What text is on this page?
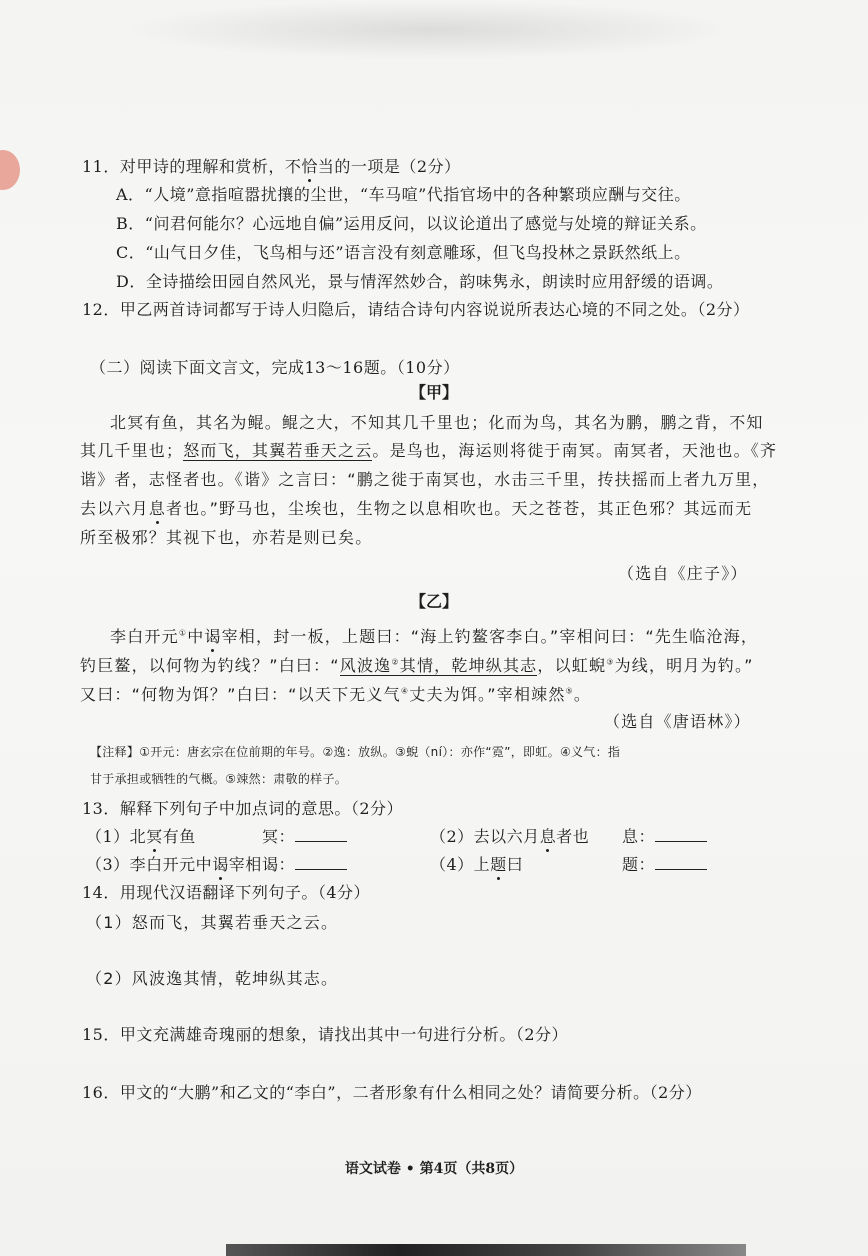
11．对甲诗的理解和赏析，不恰当的一项是（2分）
A．“人境”意指喧嚣扰攘的尘世，“车马喧”代指官场中的各种繁琐应酬与交往。
B．“问君何能尔？心远地自偏”运用反问，以议论道出了感觉与处境的辩证关系。
C．“山气日夕佳，飞鸟相与还”语言没有刻意雕琢，但飞鸟投林之景跃然纸上。
D．全诗描绘田园自然风光，景与情浑然妙合，韵味隽永，朗读时应用舒缓的语调。
12．甲乙两首诗词都写于诗人归隐后，请结合诗句内容说说所表达心境的不同之处。（2分）
（二）阅读下面文言文，完成13～16题。（10分）
【甲】
北冥有鱼，其名为鲲。鲲之大，不知其几千里也；化而为鸟，其名为鹏，鹏之背，不知
其几千里也；怒而飞，其翼若垂天之云。是鸟也，海运则将徙于南冥。南冥者，天池也。《齐
谐》者，志怪者也。《谐》之言曰：“鹏之徙于南冥也，水击三千里，抟扶摇而上者九万里，
去以六月息者也。”野马也，尘埃也，生物之以息相吹也。天之苍苍，其正色邪？其远而无
所至极邪？其视下也，亦若是则已矣。
（选自《庄子》）
【乙】
李白开元①中谒宰相，封一板，上题曰：“海上钓鳌客李白。”宰相问曰：“先生临沧海，
钓巨鳌，以何物为钓线？”白曰：“风波逸②其情，乾坤纵其志，以虹蜺③为线，明月为钓。”
又曰：“何物为饵？”白曰：“以天下无义气④丈夫为饵。”宰相竦然⑤。
（选自《唐语林》）
【注释】①开元：唐玄宗在位前期的年号。②逸：放纵。③蜺（ní）：亦作“霓”，即虹。④义气：指
甘于承担或牺牲的气概。⑤竦然：肃敬的样子。
13．解释下列句子中加点词的意思。（2分）
（1）北冥有鱼	冥：	（2）去以六月息者也 息：
（3）李白开元中谒宰相 谒：	（4）上题曰	题：
14．用现代汉语翻译下列句子。（4分）
（1）怒而飞，其翼若垂天之云。
（2）风波逸其情，乾坤纵其志。
15．甲文充满雄奇瑰丽的想象，请找出其中一句进行分析。（2分）
16．甲文的“大鹏”和乙文的“李白”，二者形象有什么相同之处？请简要分析。（2分）
语文试卷 • 第4页（共8页）
